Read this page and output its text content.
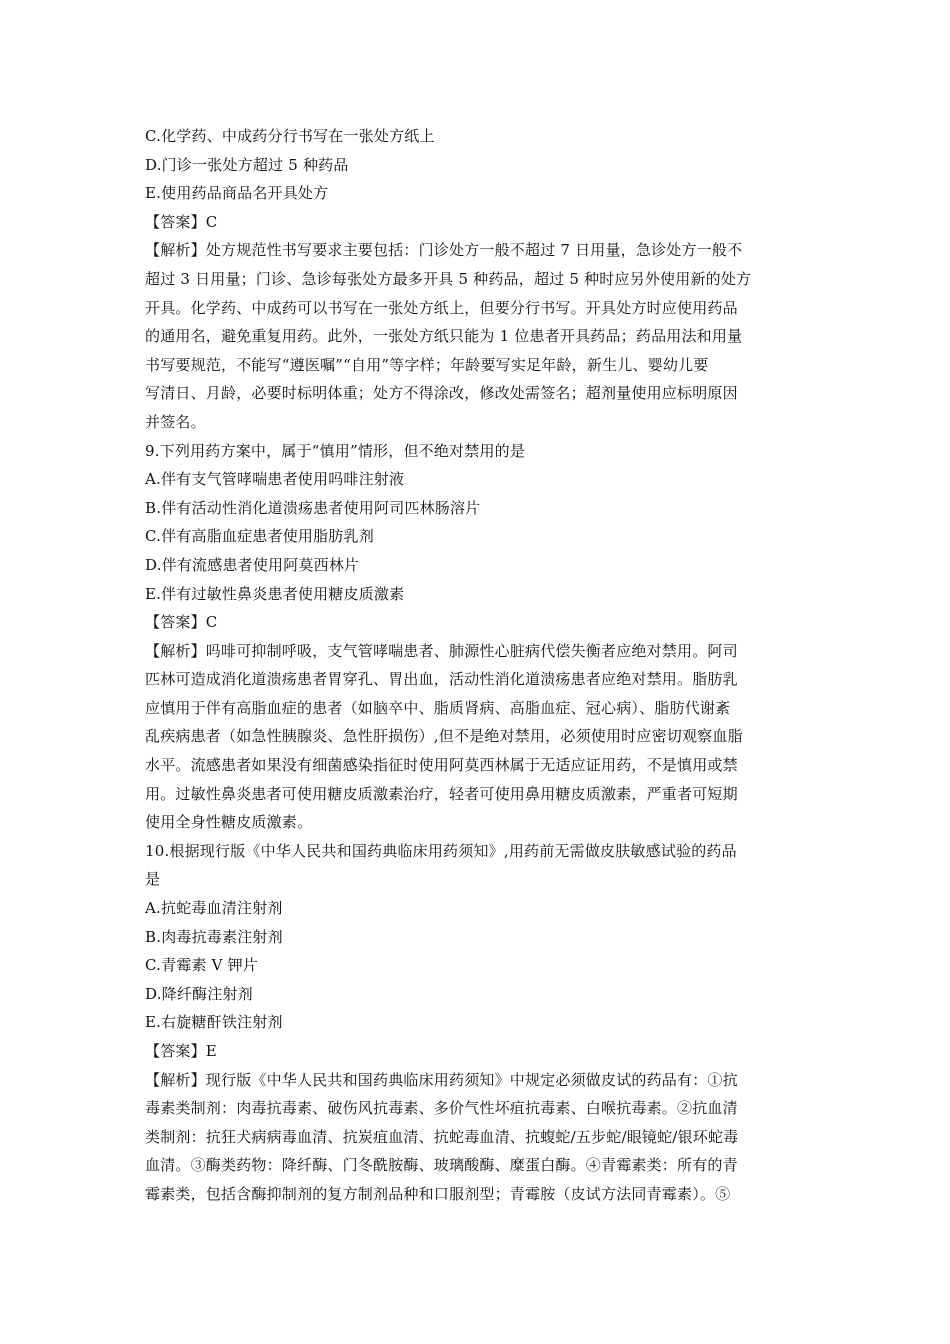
C.化学药、中成药分行书写在一张处方纸上
D.门诊一张处方超过 5 种药品
E.使用药品商品名开具处方
【答案】C
【解析】处方规范性书写要求主要包括：门诊处方一般不超过 7 日用量，急诊处方一般不
超过 3 日用量；门诊、急诊每张处方最多开具 5 种药品，超过 5 种时应另外使用新的处方
开具。化学药、中成药可以书写在一张处方纸上，但要分行书写。开具处方时应使用药品
的通用名，避免重复用药。此外，一张处方纸只能为 1 位患者开具药品；药品用法和用量
书写要规范，不能写“遵医嘱”“自用”等字样；年龄要写实足年龄，新生儿、婴幼儿要
写清日、月龄，必要时标明体重；处方不得涂改，修改处需签名；超剂量使用应标明原因
并签名。
9.下列用药方案中，属于“慎用”情形，但不绝对禁用的是
A.伴有支气管哮喘患者使用吗啡注射液
B.伴有活动性消化道溃疡患者使用阿司匹林肠溶片
C.伴有高脂血症患者使用脂肪乳剂
D.伴有流感患者使用阿莫西林片
E.伴有过敏性鼻炎患者使用糖皮质激素
【答案】C
【解析】吗啡可抑制呼吸，支气管哮喘患者、肺源性心脏病代偿失衡者应绝对禁用。阿司
匹林可造成消化道溃疡患者胃穿孔、胃出血，活动性消化道溃疡患者应绝对禁用。脂肪乳
应慎用于伴有高脂血症的患者（如脑卒中、脂质肾病、高脂血症、冠心病）、脂肪代谢紊
乱疾病患者（如急性胰腺炎、急性肝损伤）,但不是绝对禁用，必须使用时应密切观察血脂
水平。流感患者如果没有细菌感染指征时使用阿莫西林属于无适应证用药，不是慎用或禁
用。过敏性鼻炎患者可使用糖皮质激素治疗，轻者可使用鼻用糖皮质激素，严重者可短期
使用全身性糖皮质激素。
10.根据现行版《中华人民共和国药典临床用药须知》,用药前无需做皮肤敏感试验的药品
是
A.抗蛇毒血清注射剂
B.肉毒抗毒素注射剂
C.青霉素 V 钾片
D.降纤酶注射剂
E.右旋糖酐铁注射剂
【答案】E
【解析】现行版《中华人民共和国药典临床用药须知》中规定必须做皮试的药品有：①抗
毒素类制剂：肉毒抗毒素、破伤风抗毒素、多价气性坏疽抗毒素、白喉抗毒素。②抗血清
类制剂：抗狂犬病病毒血清、抗炭疽血清、抗蛇毒血清、抗蝮蛇/五步蛇/眼镜蛇/银环蛇毒
血清。③酶类药物：降纤酶、门冬酰胺酶、玻璃酸酶、糜蛋白酶。④青霉素类：所有的青
霉素类，包括含酶抑制剂的复方制剂品种和口服剂型；青霉胺（皮试方法同青霉素）。⑤
